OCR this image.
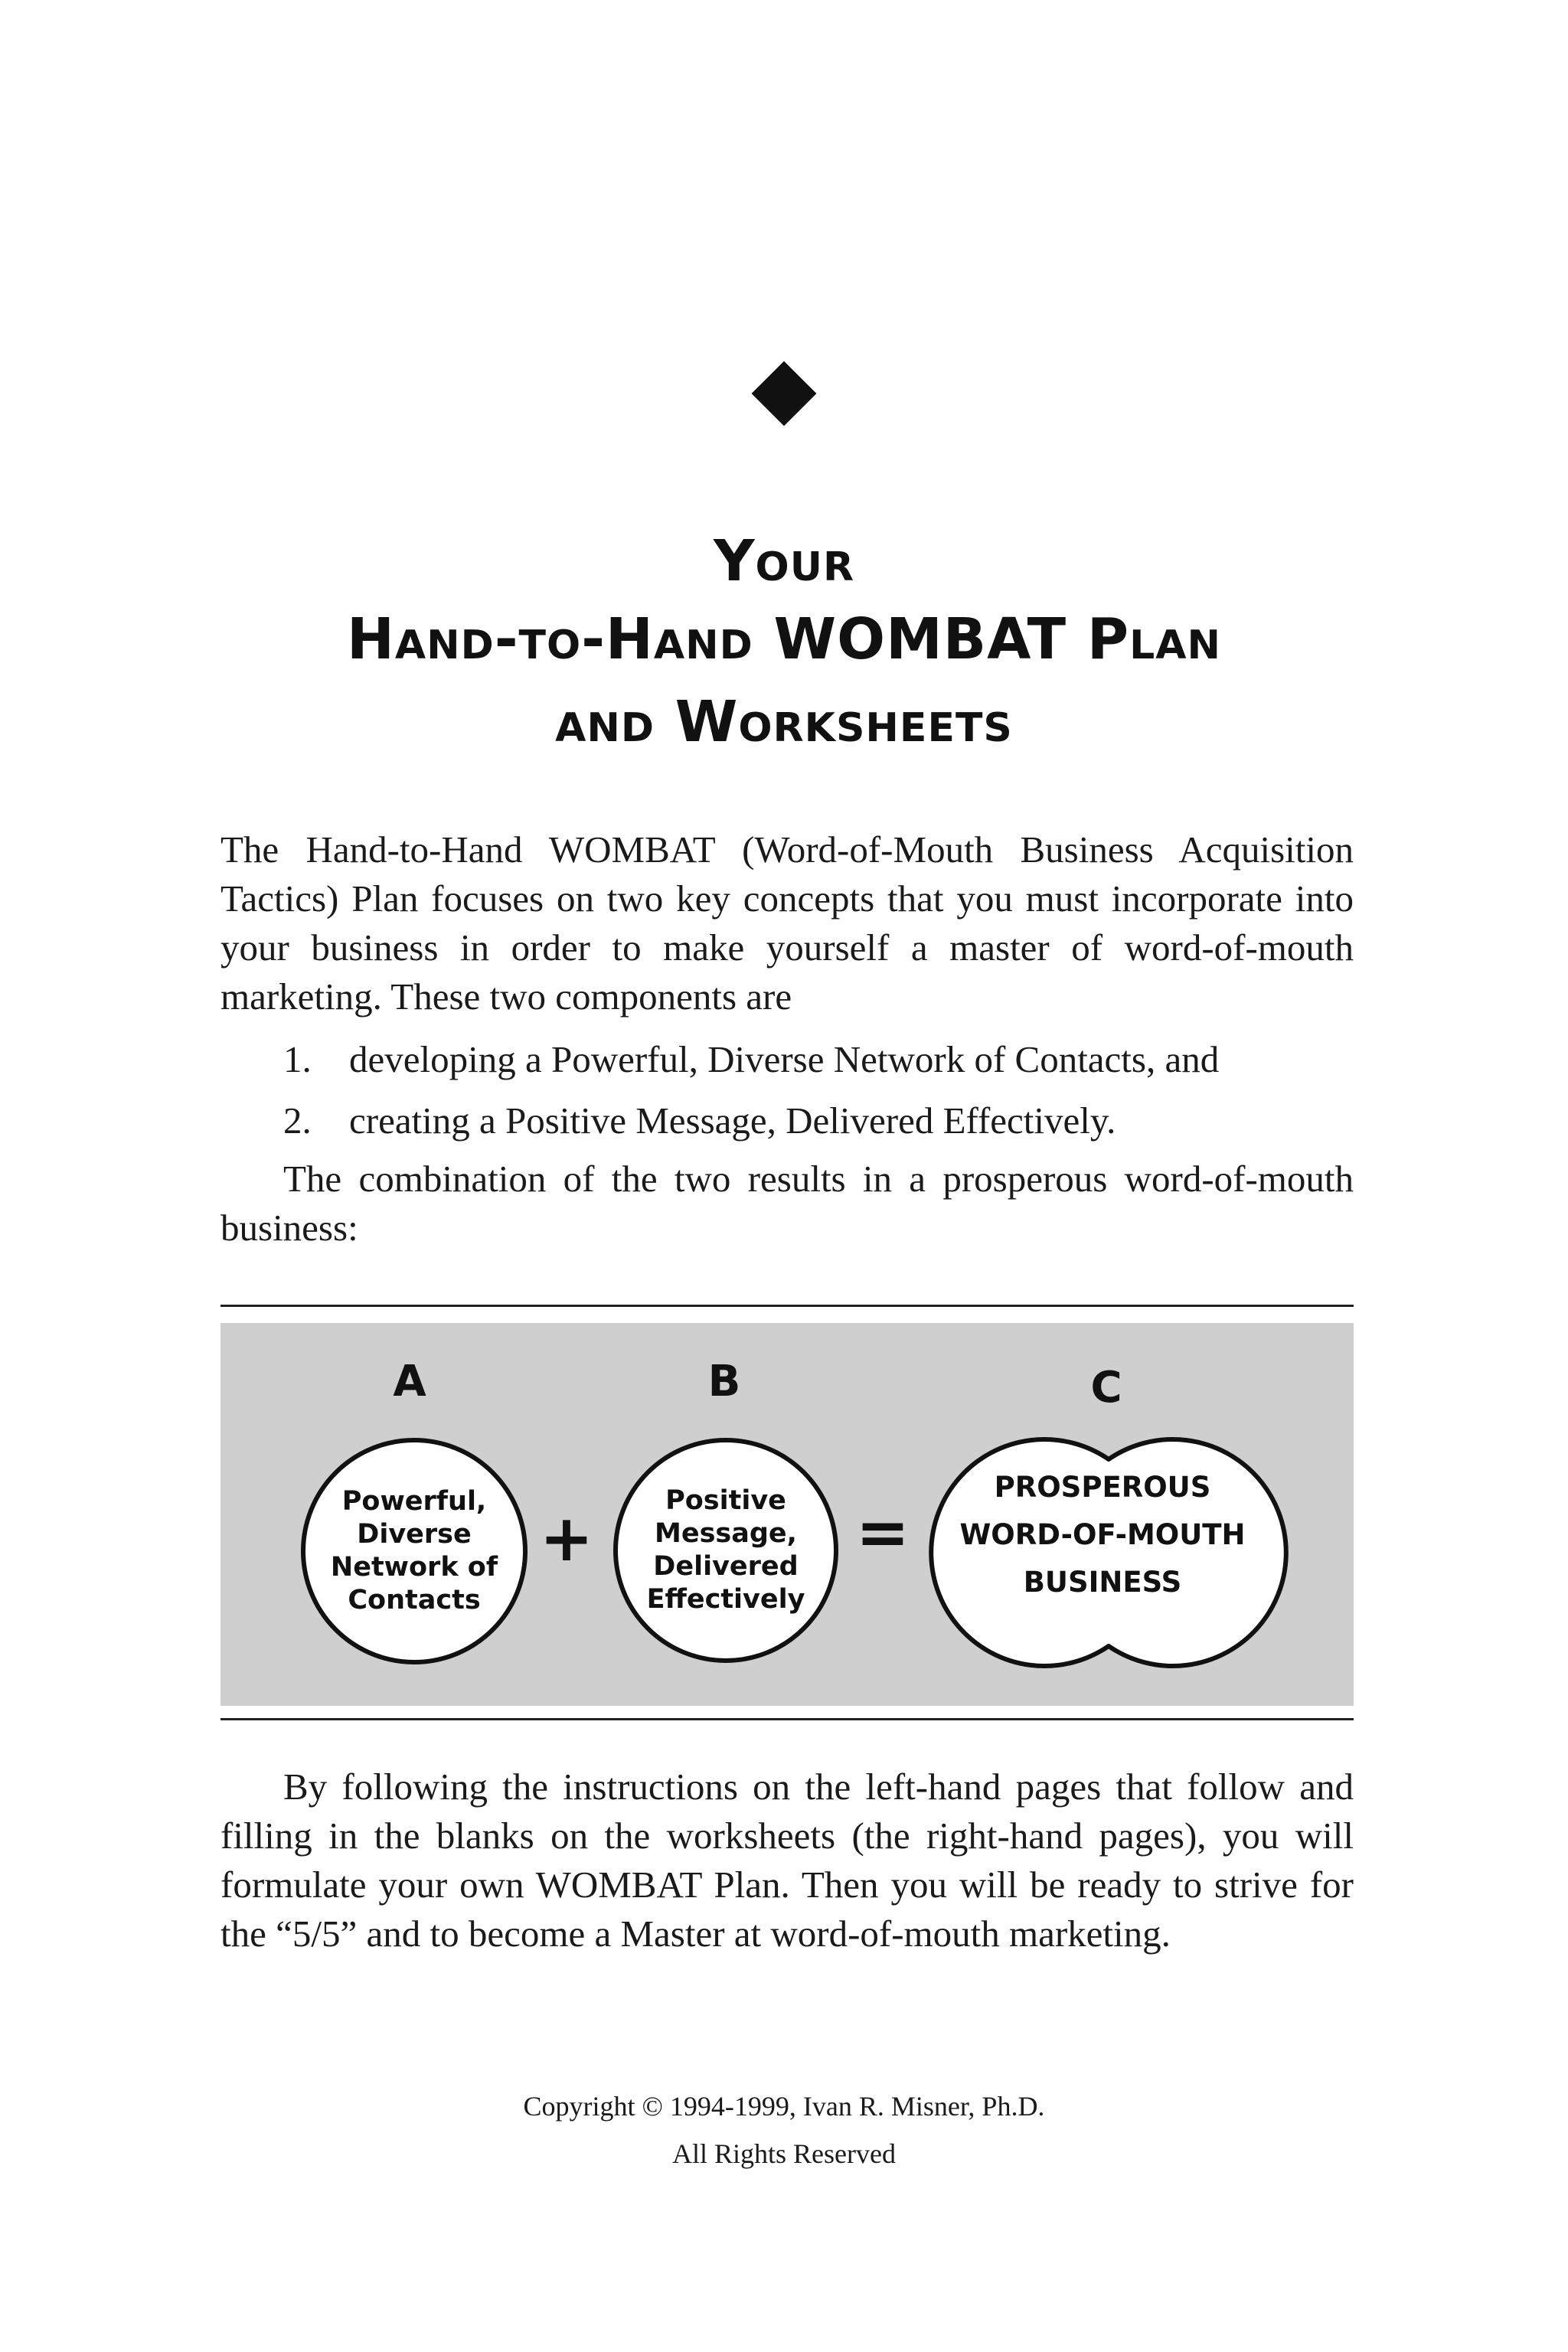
Your
Hand-to-Hand WOMBAT Plan
and Worksheets
The Hand-to-Hand WOMBAT (Word-of-Mouth Business Acquisition Tactics) Plan focuses on two key concepts that you must incorporate into your business in order to make yourself a master of word-of-mouth marketing. These two components are
1. developing a Powerful, Diverse Network of Contacts, and
2. creating a Positive Message, Delivered Effectively.
The combination of the two results in a prosperous word-of-mouth business:
A	B	C
Powerful, Diverse Network of Contacts
+	Positive Message, Delivered Effectively
=
PROSPEROUS
WORD-OF-MOUTH
BUSINESS
By following the instructions on the left-hand pages that follow and filling in the blanks on the worksheets (the right-hand pages), you will formulate your own WOMBAT Plan. Then you will be ready to strive for the “5/5” and to become a Master at word-of-mouth marketing.
Copyright © 1994-1999, Ivan R. Misner, Ph.D.
All Rights Reserved
